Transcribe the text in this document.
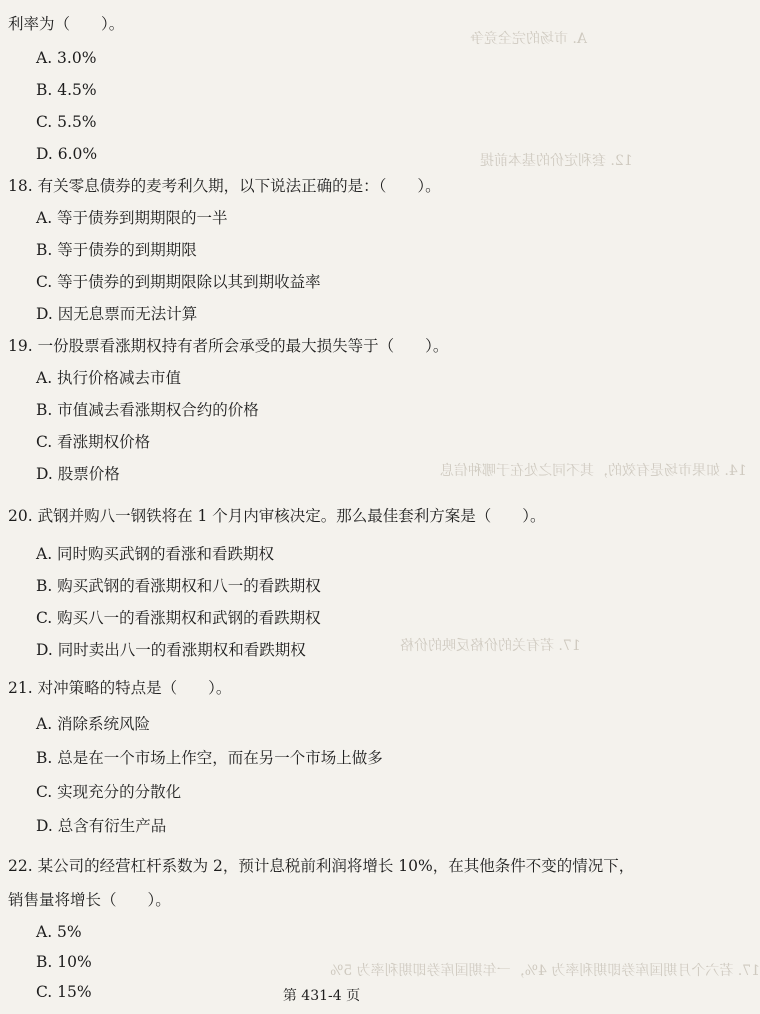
A. 市场的完全竞争
12. 套利定价的基本前提
14. 如果市场是有效的，其不同之处在于哪种信息
17. 若有关的价格反映的价格
17. 若六个月期国库券即期利率为 4%，一年期国库券即期利率为 5%
利率为（　　）。
A. 3.0%
B. 4.5%
C. 5.5%
D. 6.0%
18. 有关零息债券的麦考利久期，以下说法正确的是：（　　）。
A. 等于债券到期期限的一半
B. 等于债券的到期期限
C. 等于债券的到期期限除以其到期收益率
D. 因无息票而无法计算
19. 一份股票看涨期权持有者所会承受的最大损失等于（　　）。
A. 执行价格减去市值
B. 市值减去看涨期权合约的价格
C. 看涨期权价格
D. 股票价格
20. 武钢并购八一钢铁将在 1 个月内审核决定。那么最佳套利方案是（　　）。
A. 同时购买武钢的看涨和看跌期权
B. 购买武钢的看涨期权和八一的看跌期权
C. 购买八一的看涨期权和武钢的看跌期权
D. 同时卖出八一的看涨期权和看跌期权
21. 对冲策略的特点是（　　）。
A. 消除系统风险
B. 总是在一个市场上作空，而在另一个市场上做多
C. 实现充分的分散化
D. 总含有衍生产品
22. 某公司的经营杠杆系数为 2，预计息税前利润将增长 10%，在其他条件不变的情况下，
销售量将增长（　　）。
A. 5%
B. 10%
C. 15%	第 431-4 页
